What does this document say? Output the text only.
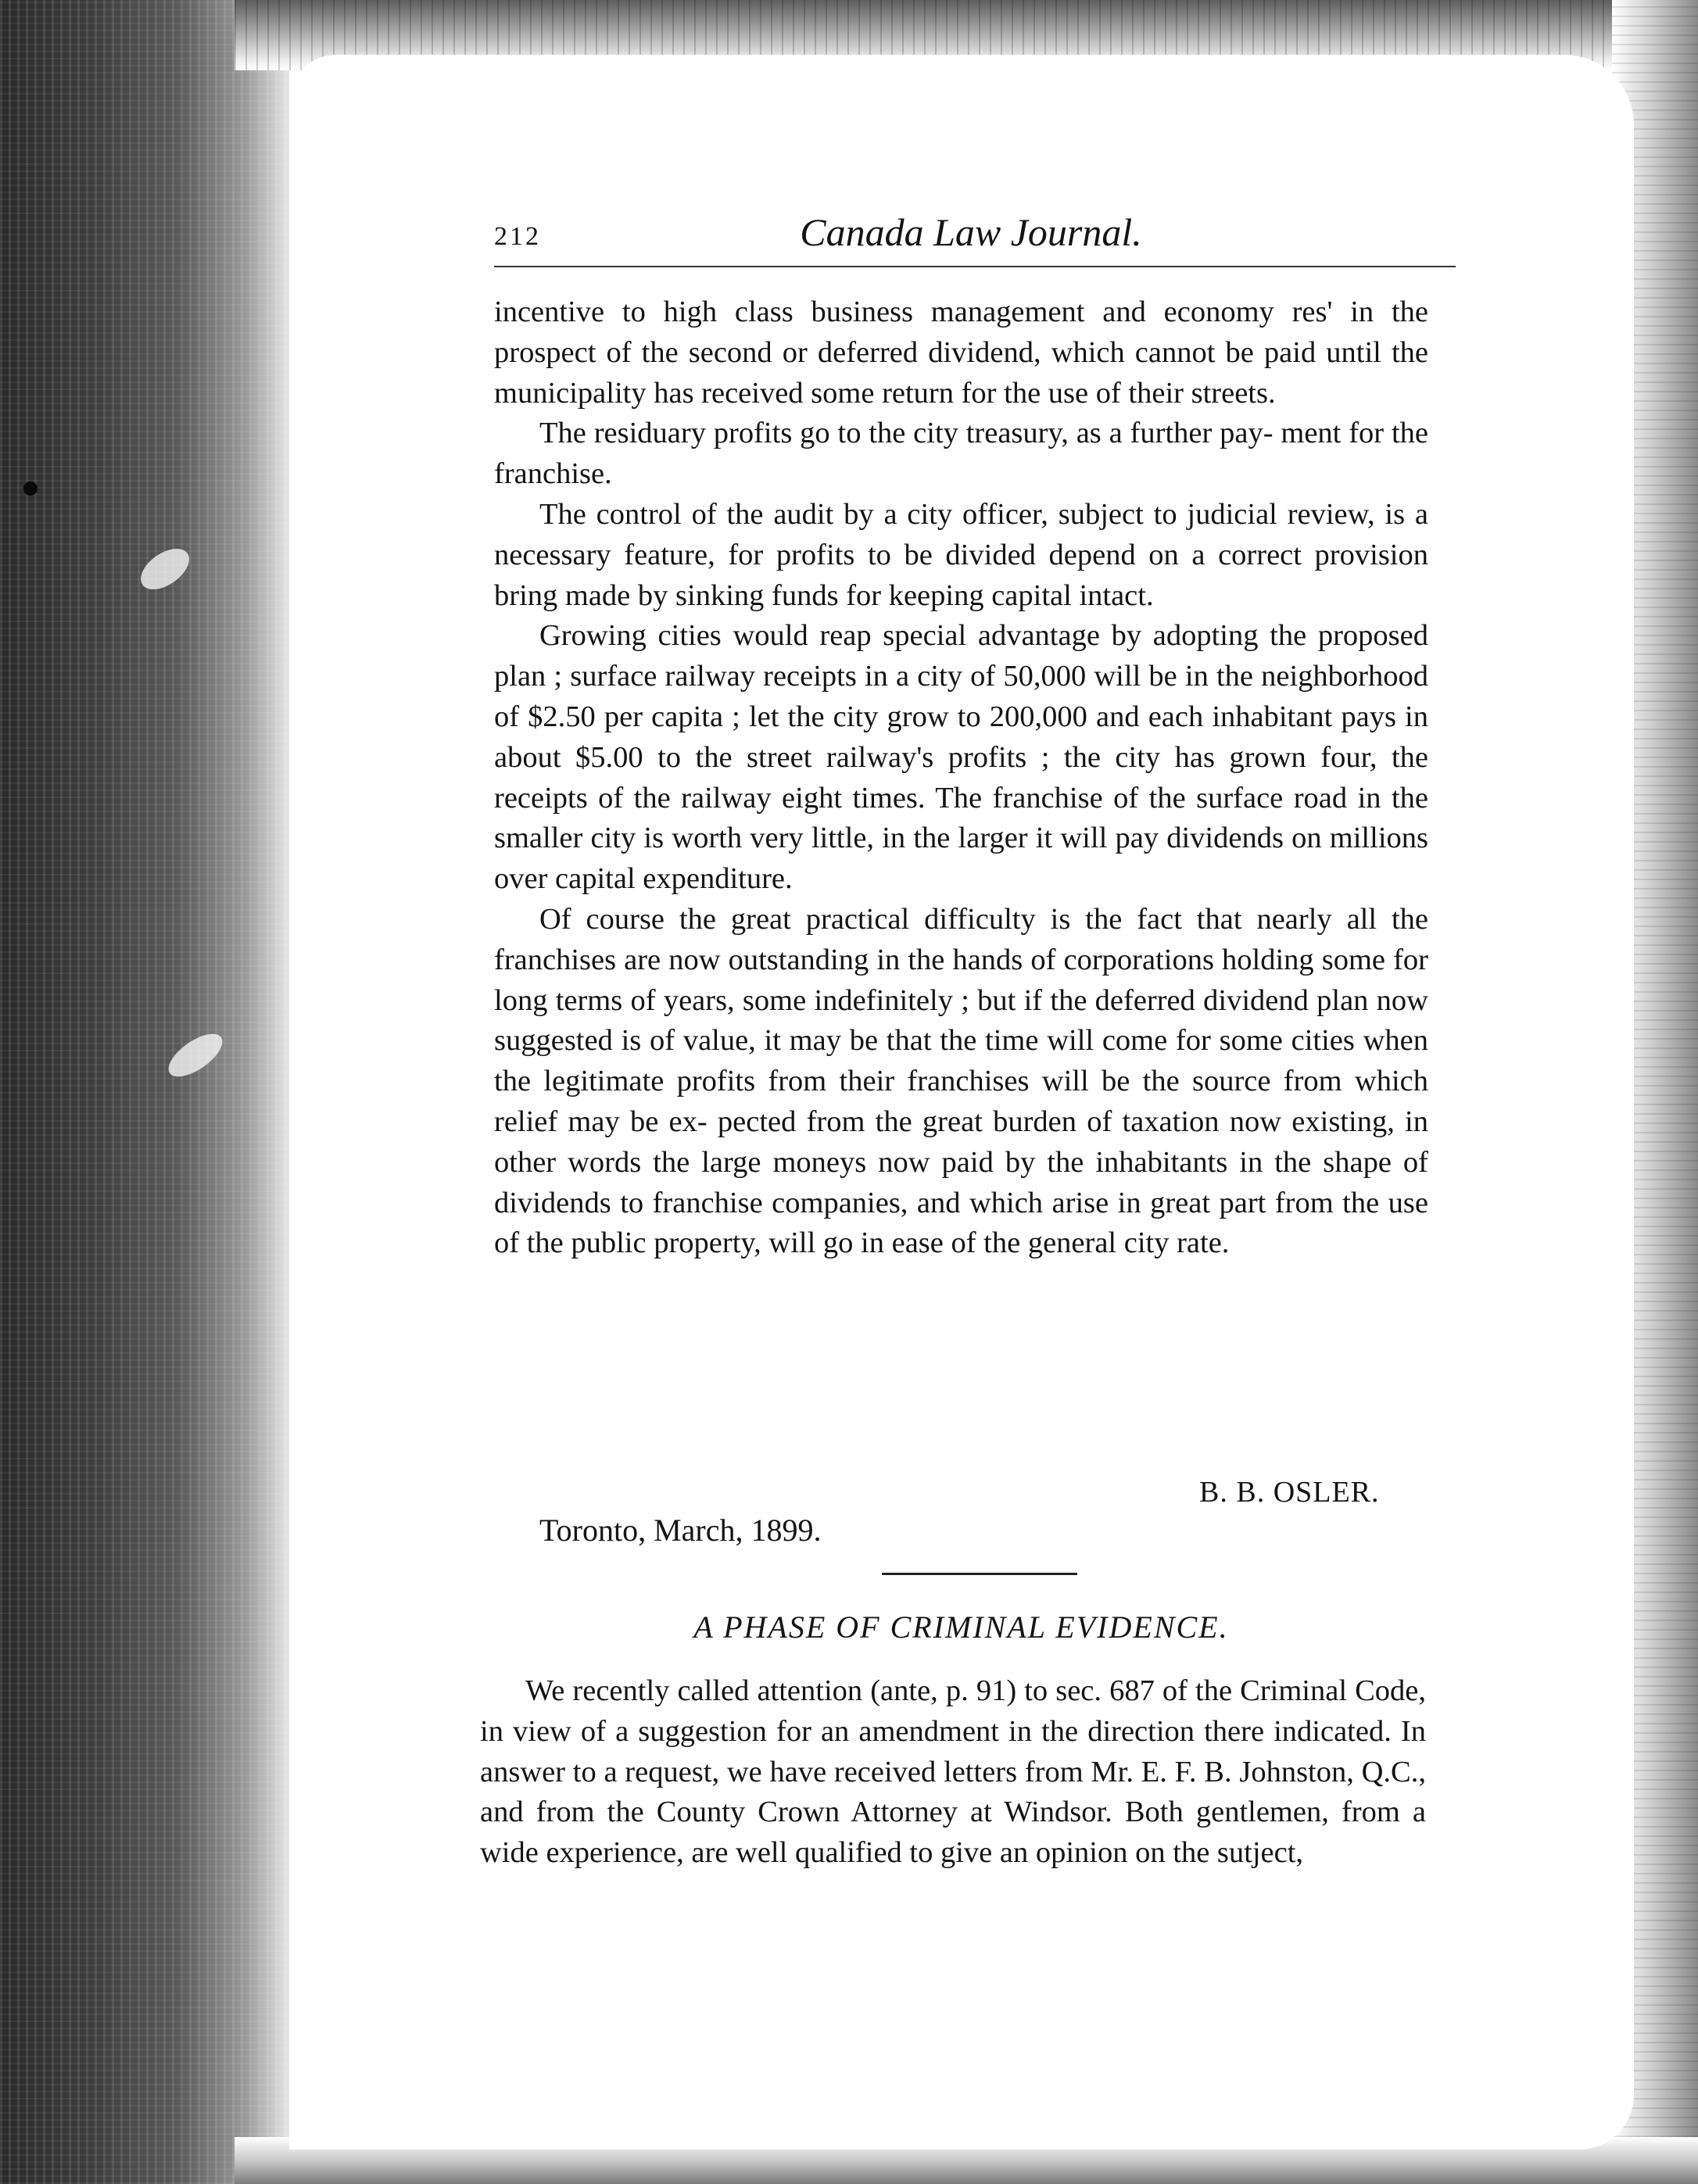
212	Canada Law Journal.

incentive to high class business management and economy res' in the prospect of the second or deferred dividend, which cannot be paid until the municipality has received some return for the use of their streets.

The residuary profits go to the city treasury, as a further pay- ment for the franchise.

The control of the audit by a city officer, subject to judicial review, is a necessary feature, for profits to be divided depend on a correct provision bring made by sinking funds for keeping capital intact.

Growing cities would reap special advantage by adopting the proposed plan ; surface railway receipts in a city of 50,000 will be in the neighborhood of $2.50 per capita ; let the city grow to 200,000 and each inhabitant pays in about $5.00 to the street railway's profits ; the city has grown four, the receipts of the railway eight times. The franchise of the surface road in the smaller city is worth very little, in the larger it will pay dividends on millions over capital expenditure.

Of course the great practical difficulty is the fact that nearly all the franchises are now outstanding in the hands of corporations holding some for long terms of years, some indefinitely ; but if the deferred dividend plan now suggested is of value, it may be that the time will come for some cities when the legitimate profits from their franchises will be the source from which relief may be ex- pected from the great burden of taxation now existing, in other words the large moneys now paid by the inhabitants in the shape of dividends to franchise companies, and which arise in great part from the use of the public property, will go in ease of the general city rate.

B. B. OSLER.
Toronto, March, 1899.
A PHASE OF CRIMINAL EVIDENCE.

We recently called attention (ante, p. 91) to sec. 687 of the Criminal Code, in view of a suggestion for an amendment in the direction there indicated. In answer to a request, we have received letters from Mr. E. F. B. Johnston, Q.C., and from the County Crown Attorney at Windsor. Both gentlemen, from a wide experience, are well qualified to give an opinion on the sutject,
